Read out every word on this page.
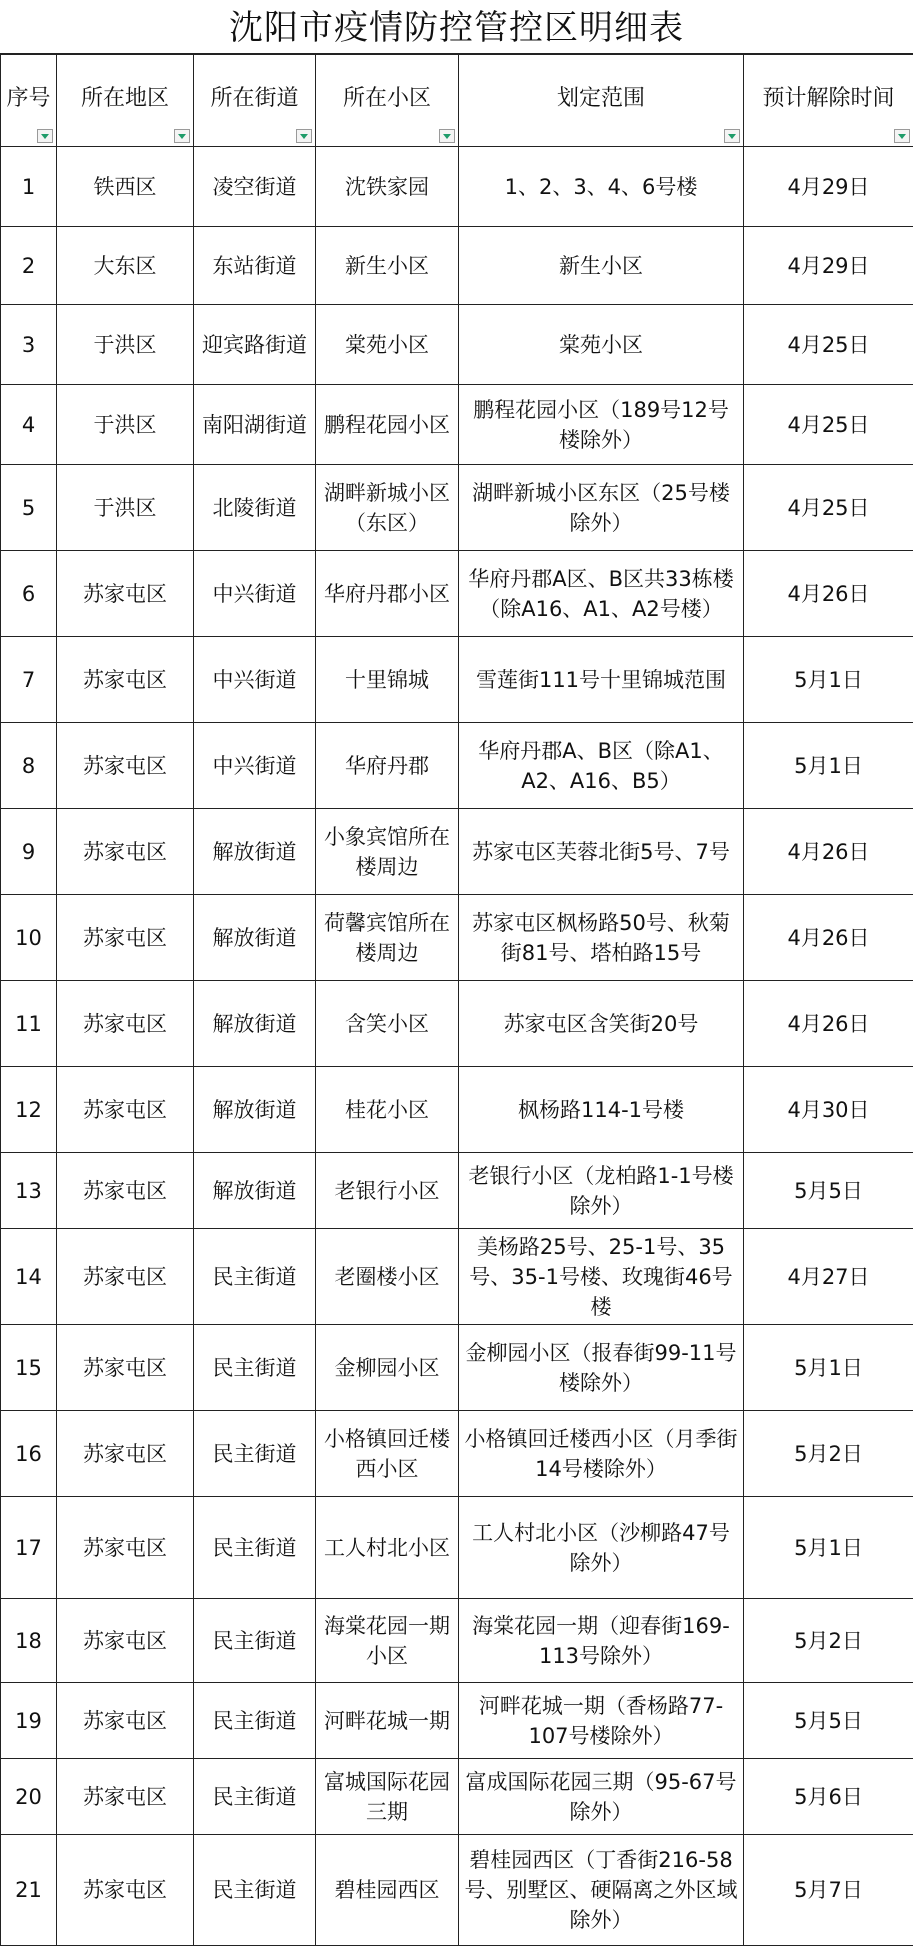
沈阳市疫情防控管控区明细表
序号	所在地区	所在街道	所在小区	划定范围	预计解除时间

1	铁西区	凌空街道	沈铁家园	1、2、3、4、6号楼	4月29日
2	大东区	东站街道	新生小区	新生小区	4月29日
3	于洪区	迎宾路街道	棠苑小区	棠苑小区	4月25日
4	于洪区	南阳湖街道	鹏程花园小区	鹏程花园小区（189号12号楼除外）	4月25日
5	于洪区	北陵街道	湖畔新城小区（东区）	湖畔新城小区东区（25号楼除外）	4月25日
6	苏家屯区	中兴街道	华府丹郡小区	华府丹郡A区、B区共33栋楼（除A16、A1、A2号楼）	4月26日
7	苏家屯区	中兴街道	十里锦城	雪莲街111号十里锦城范围	5月1日
8	苏家屯区	中兴街道	华府丹郡	华府丹郡A、B区（除A1、A2、A16、B5）	5月1日
9	苏家屯区	解放街道	小象宾馆所在楼周边	苏家屯区芙蓉北街5号、7号	4月26日
10	苏家屯区	解放街道	荷馨宾馆所在楼周边	苏家屯区枫杨路50号、秋菊街81号、塔柏路15号	4月26日
11	苏家屯区	解放街道	含笑小区	苏家屯区含笑街20号	4月26日
12	苏家屯区	解放街道	桂花小区	枫杨路114-1号楼	4月30日
13	苏家屯区	解放街道	老银行小区	老银行小区（龙柏路1-1号楼除外）	5月5日
14	苏家屯区	民主街道	老圈楼小区	美杨路25号、25-1号、35号、35-1号楼、玫瑰街46号楼	4月27日
15	苏家屯区	民主街道	金柳园小区	金柳园小区（报春街99-11号楼除外）	5月1日
16	苏家屯区	民主街道	小格镇回迁楼西小区	小格镇回迁楼西小区（月季街14号楼除外）	5月2日
17	苏家屯区	民主街道	工人村北小区	工人村北小区（沙柳路47号除外）	5月1日
18	苏家屯区	民主街道	海棠花园一期小区	海棠花园一期（迎春街169-113号除外）	5月2日
19	苏家屯区	民主街道	河畔花城一期	河畔花城一期（香杨路77-107号楼除外）	5月5日
20	苏家屯区	民主街道	富城国际花园三期	富成国际花园三期（95-67号除外）	5月6日
21	苏家屯区	民主街道	碧桂园西区	碧桂园西区（丁香街216-58号、别墅区、硬隔离之外区域除外）	5月7日
